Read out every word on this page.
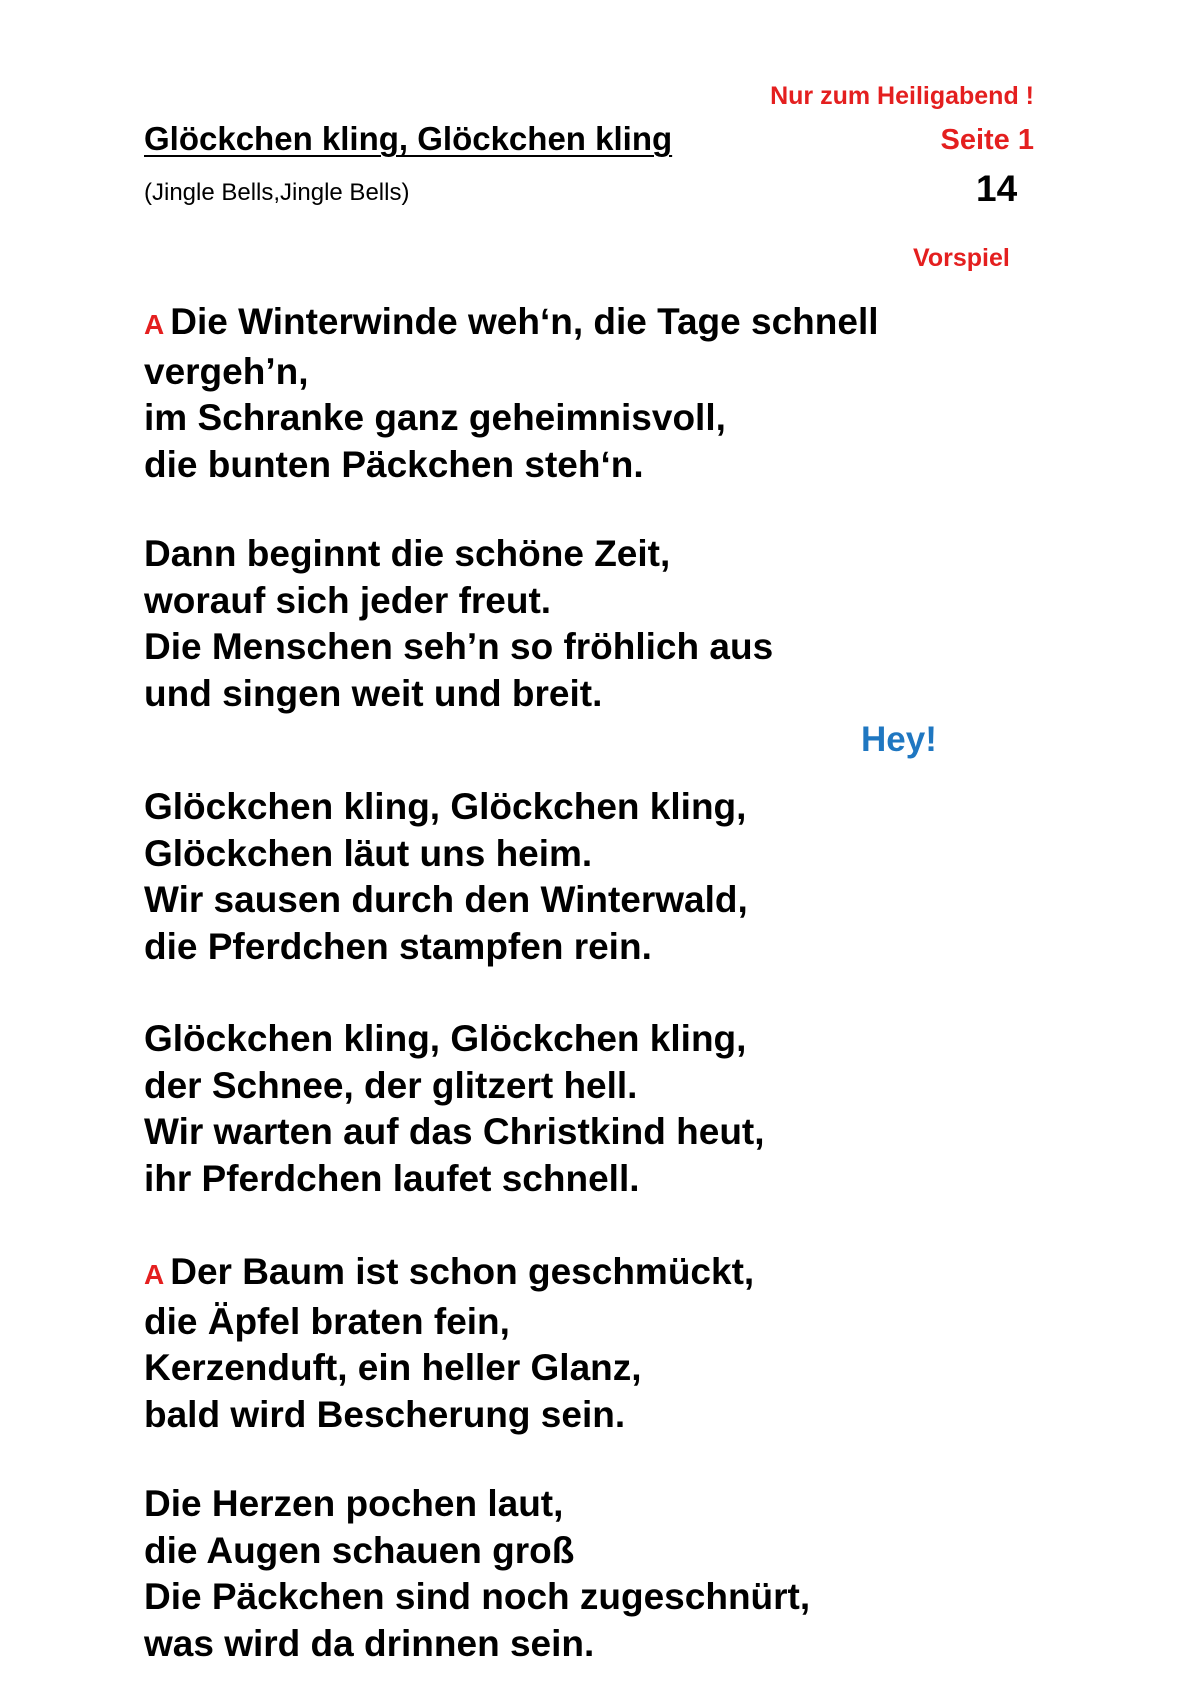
Nur zum Heiligabend !
Glöckchen kling, Glöckchen kling	Seite 1
(Jingle Bells,Jingle Bells)	14
Vorspiel
A Die Winterwinde weh‘n, die Tage schnell
vergeh’n,
im Schranke ganz geheimnisvoll,
die bunten Päckchen steh‘n.
Dann beginnt die schöne Zeit,
worauf sich jeder freut.
Die Menschen seh’n so fröhlich aus
und singen weit und breit.
Hey!
Glöckchen kling, Glöckchen kling,
Glöckchen läut uns heim.
Wir sausen durch den Winterwald,
die Pferdchen stampfen rein.
Glöckchen kling, Glöckchen kling,
der Schnee, der glitzert hell.
Wir warten auf das Christkind heut,
ihr Pferdchen laufet schnell.
A Der Baum ist schon geschmückt,
die Äpfel braten fein,
Kerzenduft, ein heller Glanz,
bald wird Bescherung sein.
Die Herzen pochen laut,
die Augen schauen groß
Die Päckchen sind noch zugeschnürt,
was wird da drinnen sein.
